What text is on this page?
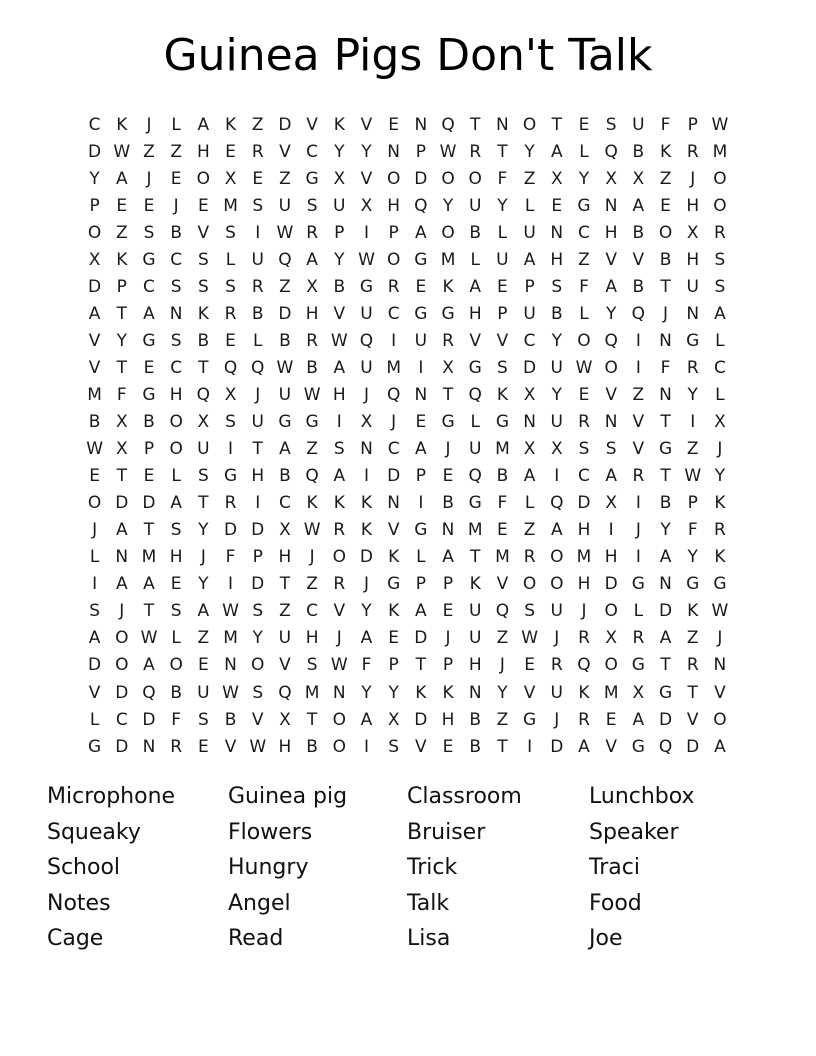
Guinea Pigs Don't Talk
C K	J	L A K Z D V K V E N Q T N O T E S U F	P W
D W Z Z H E R V C Y Y N P W R T Y A L Q B K R M
Y A	J	E O X E Z G X V O D O O F Z X Y X X Z	J	O
P E E	J	E M S U S U X H Q Y U Y	L	E G N A E H O
O Z S B V S	I W R P	I	P A O B L U N C H B O X R
X K G C S	L U Q A Y W O G M L U A H Z V V B H S
D P C S S S R Z X B G R E K A E P S F A B T U S
A T A N K R B D H V U C G G H P U B L	Y Q	J	N A
V Y G S B E	L B R W Q	I	U R V V C Y O Q	I	N G L
V T E C T Q Q W B A U M	I	X G S D U W O	I	F R C
M F G H Q X	J	U W H	J	Q N T Q K X Y E V Z N Y	L
B X B O X S U G G	I	X	J	E G L G N U R N V T	I	X
W X P O U	I	T A Z S N C A	J	U M X X S S V G Z	J
E T E	L	S G H B Q A	I	D P E Q B A	I	C A R T W Y
O D D A T R	I	C K K K N	I	B G F	L Q D X	I	B P K
J	A T S Y D D X W R K V G N M E Z A H	I	J	Y	F R
L N M H	J	F	P H	J	O D K L A T M R O M H	I	A Y K
I	A A E Y	I	D T Z R	J	G P P K V O O H D G N G G
S	J	T S A W S Z C V Y K A E U Q S U	J	O L D K W
A O W L Z M Y U H	J	A E D	J	U Z W J	R X R A Z	J
D O A O E N O V S W F	P T P H	J	E R Q O G T R N
V D Q B U W S Q M N Y Y K K N Y V U K M X G T V
L C D F S B V X T O A X D H B Z G	J	R E A D V O
G D N R E V W H B O	I	S V E B T	I	D A V G Q D A
Microphone
Squeaky
School
Notes
Cage
Guinea pig
Flowers
Hungry
Angel
Read
Classroom
Bruiser
Trick
Talk
Lisa
Lunchbox
Speaker
Traci
Food
Joe
